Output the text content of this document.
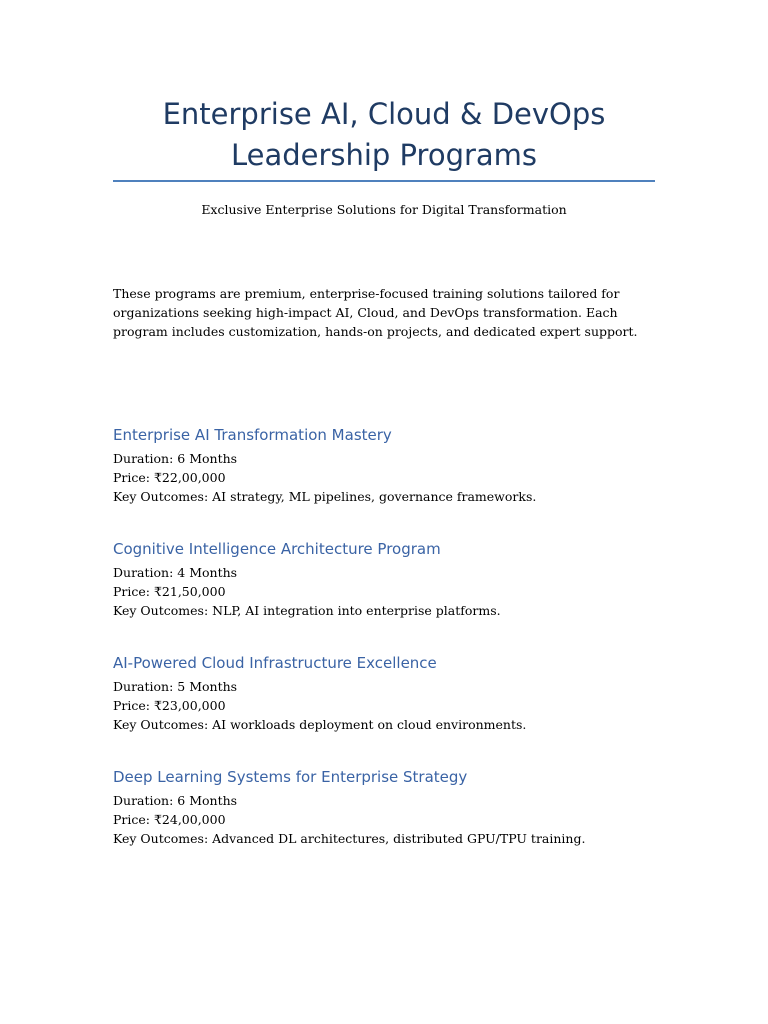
Enterprise AI, Cloud & DevOps
Leadership Programs

Exclusive Enterprise Solutions for Digital Transformation

These programs are premium, enterprise-focused training solutions tailored for organizations seeking high-impact AI, Cloud, and DevOps transformation. Each program includes customization, hands-on projects, and dedicated expert support.

Enterprise AI Transformation Mastery
Duration: 6 Months
Price: ₹22,00,000
Key Outcomes: AI strategy, ML pipelines, governance frameworks.
Cognitive Intelligence Architecture Program
Duration: 4 Months
Price: ₹21,50,000
Key Outcomes: NLP, AI integration into enterprise platforms.
AI-Powered Cloud Infrastructure Excellence
Duration: 5 Months
Price: ₹23,00,000
Key Outcomes: AI workloads deployment on cloud environments.
Deep Learning Systems for Enterprise Strategy
Duration: 6 Months
Price: ₹24,00,000
Key Outcomes: Advanced DL architectures, distributed GPU/TPU training.
